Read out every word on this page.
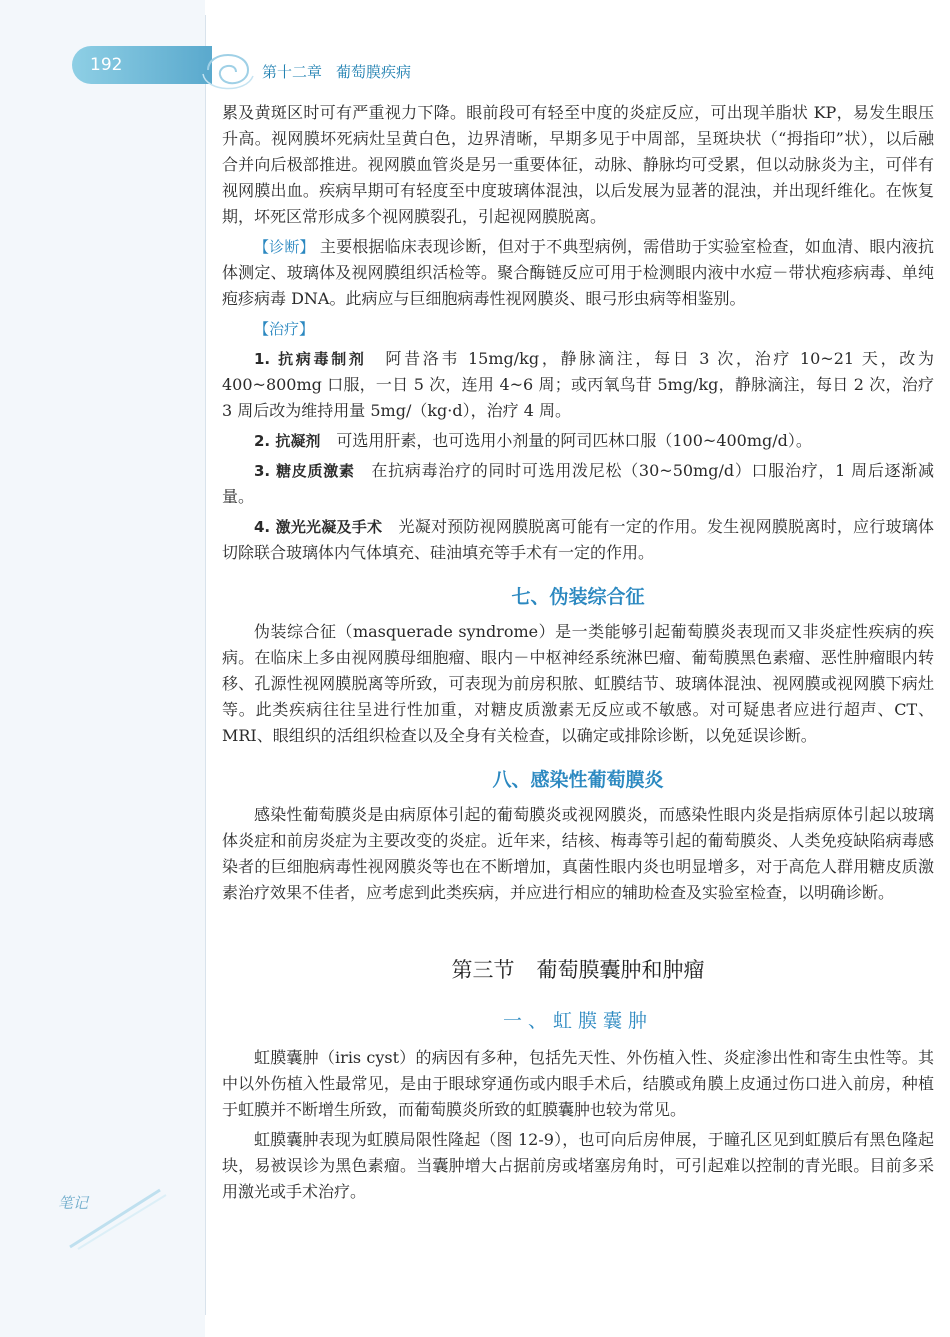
192	第十二章 葡萄膜疾病

累及黄斑区时可有严重视力下降。眼前段可有轻至中度的炎症反应，可出现羊脂状 KP，易发生眼压升高。视网膜坏死病灶呈黄白色，边界清晰，早期多见于中周部，呈斑块状（“拇指印”状），以后融合并向后极部推进。视网膜血管炎是另一重要体征，动脉、静脉均可受累，但以动脉炎为主，可伴有视网膜出血。疾病早期可有轻度至中度玻璃体混浊，以后发展为显著的混浊，并出现纤维化。在恢复期，坏死区常形成多个视网膜裂孔，引起视网膜脱离。

【诊断】 主要根据临床表现诊断，但对于不典型病例，需借助于实验室检查，如血清、眼内液抗体测定、玻璃体及视网膜组织活检等。聚合酶链反应可用于检测眼内液中水痘－带状疱疹病毒、单纯疱疹病毒 DNA。此病应与巨细胞病毒性视网膜炎、眼弓形虫病等相鉴别。

【治疗】

1. 抗病毒制剂　 阿昔洛韦 15mg/kg，静脉滴注，每日 3 次，治疗 10~21 天，改为 400~800mg 口服，一日 5 次，连用 4~6 周；或丙氧鸟苷 5mg/kg，静脉滴注，每日 2 次，治疗 3 周后改为维持用量 5mg/（kg·d），治疗 4 周。

2. 抗凝剂　 可选用肝素，也可选用小剂量的阿司匹林口服（100~400mg/d）。

3. 糖皮质激素　 在抗病毒治疗的同时可选用泼尼松（30~50mg/d）口服治疗，1 周后逐渐减量。

4. 激光光凝及手术　 光凝对预防视网膜脱离可能有一定的作用。发生视网膜脱离时，应行玻璃体切除联合玻璃体内气体填充、硅油填充等手术有一定的作用。

七、伪装综合征

伪装综合征（masquerade syndrome）是一类能够引起葡萄膜炎表现而又非炎症性疾病的疾病。在临床上多由视网膜母细胞瘤、眼内－中枢神经系统淋巴瘤、葡萄膜黑色素瘤、恶性肿瘤眼内转移、孔源性视网膜脱离等所致，可表现为前房积脓、虹膜结节、玻璃体混浊、视网膜或视网膜下病灶等。此类疾病往往呈进行性加重，对糖皮质激素无反应或不敏感。对可疑患者应进行超声、CT、MRI、眼组织的活组织检查以及全身有关检查，以确定或排除诊断，以免延误诊断。

八、感染性葡萄膜炎

感染性葡萄膜炎是由病原体引起的葡萄膜炎或视网膜炎，而感染性眼内炎是指病原体引起以玻璃体炎症和前房炎症为主要改变的炎症。近年来，结核、梅毒等引起的葡萄膜炎、人类免疫缺陷病毒感染者的巨细胞病毒性视网膜炎等也在不断增加，真菌性眼内炎也明显增多，对于高危人群用糖皮质激素治疗效果不佳者，应考虑到此类疾病，并应进行相应的辅助检查及实验室检查，以明确诊断。

第三节 葡萄膜囊肿和肿瘤
一、虹膜囊肿

虹膜囊肿（iris cyst）的病因有多种，包括先天性、外伤植入性、炎症渗出性和寄生虫性等。其中以外伤植入性最常见，是由于眼球穿通伤或内眼手术后，结膜或角膜上皮通过伤口进入前房，种植于虹膜并不断增生所致，而葡萄膜炎所致的虹膜囊肿也较为常见。

虹膜囊肿表现为虹膜局限性隆起（图 12-9），也可向后房伸展，于瞳孔区见到虹膜后有黑色隆起块，易被误诊为黑色素瘤。当囊肿增大占据前房或堵塞房角时，可引起难以控制的青光眼。目前多采用激光或手术治疗。

笔记
